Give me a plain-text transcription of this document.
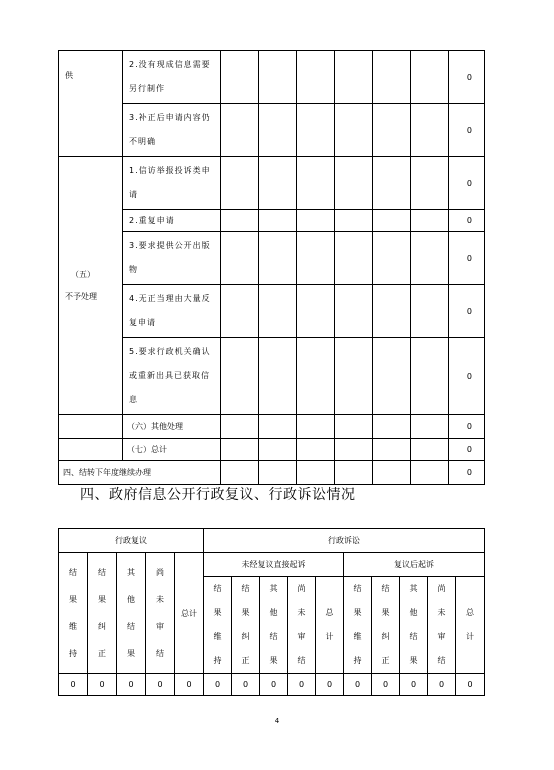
供	2.没有现成信息需要另行制作							0
	3.补正后申请内容仍不明确							0

（五）
不予处理	1.信访举报投诉类申请							0
	2.重复申请							0
	3.要求提供公开出版物							0
	4.无正当理由大量反复申请							0
	5.要求行政机关确认或重新出具已获取信息							0
	（六）其他处理							0
	（七）总计							0
四、结转下年度继续办理								0
四、政府信息公开行政复议、行政诉讼情况
行政复议					行政诉讼									

结果维持	结果纠正	其他结果	尚未审结	总计	未经复议直接起诉					复议后起诉				

					结果维持	结果纠正	其他结果	尚未审结	总计	结果维持	结果纠正	其他结果	尚未审结	总计

0	0	0	0	0	0	0	0	0	0	0	0	0	0	0
4
